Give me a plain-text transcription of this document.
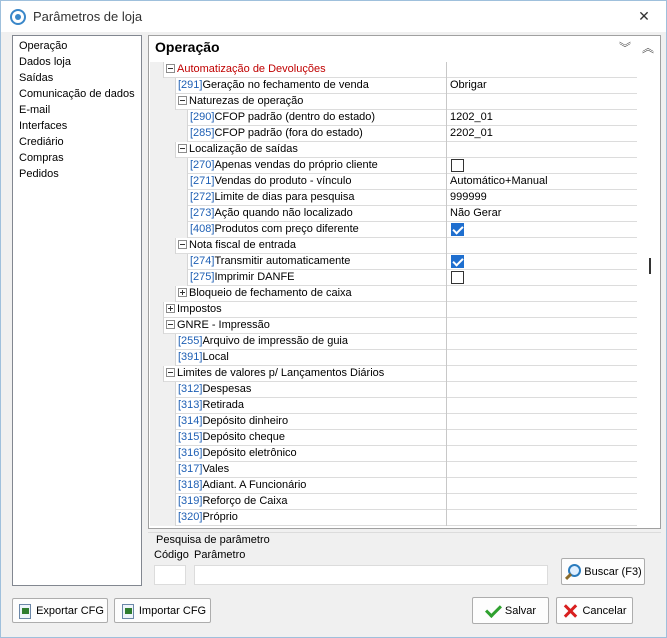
Parâmetros de loja	✕
Operação
Dados loja
Saídas
Comunicação de dados
E-mail
Interfaces
Crediário
Compras
Pedidos
Operação	︾ ︽
Automatização de Devoluções
[291]Geração no fechamento de venda	Obrigar
Naturezas de operação
[290]CFOP padrão (dentro do estado)	1202_01
[285]CFOP padrão (fora do estado)	2202_01
Localização de saídas
[270]Apenas vendas do próprio cliente
[271]Vendas do produto - vínculo	Automático+Manual
[272]Limite de dias para pesquisa	999999
[273]Ação quando não localizado	Não Gerar
[408]Produtos com preço diferente
Nota fiscal de entrada
[274]Transmitir automaticamente
[275]Imprimir DANFE
Bloqueio de fechamento de caixa
Impostos
GNRE - Impressão
[255]Arquivo de impressão de guia
[391]Local
Limites de valores p/ Lançamentos Diários
[312]Despesas
[313]Retirada
[314]Depósito dinheiro
[315]Depósito cheque
[316]Depósito eletrônico
[317]Vales
[318]Adiant. A Funcionário
[319]Reforço de Caixa
[320]Próprio
Pesquisa de parâmetro
Código Parâmetro
Buscar (F3)
Exportar CFG	Importar CFG	Salvar	Cancelar
